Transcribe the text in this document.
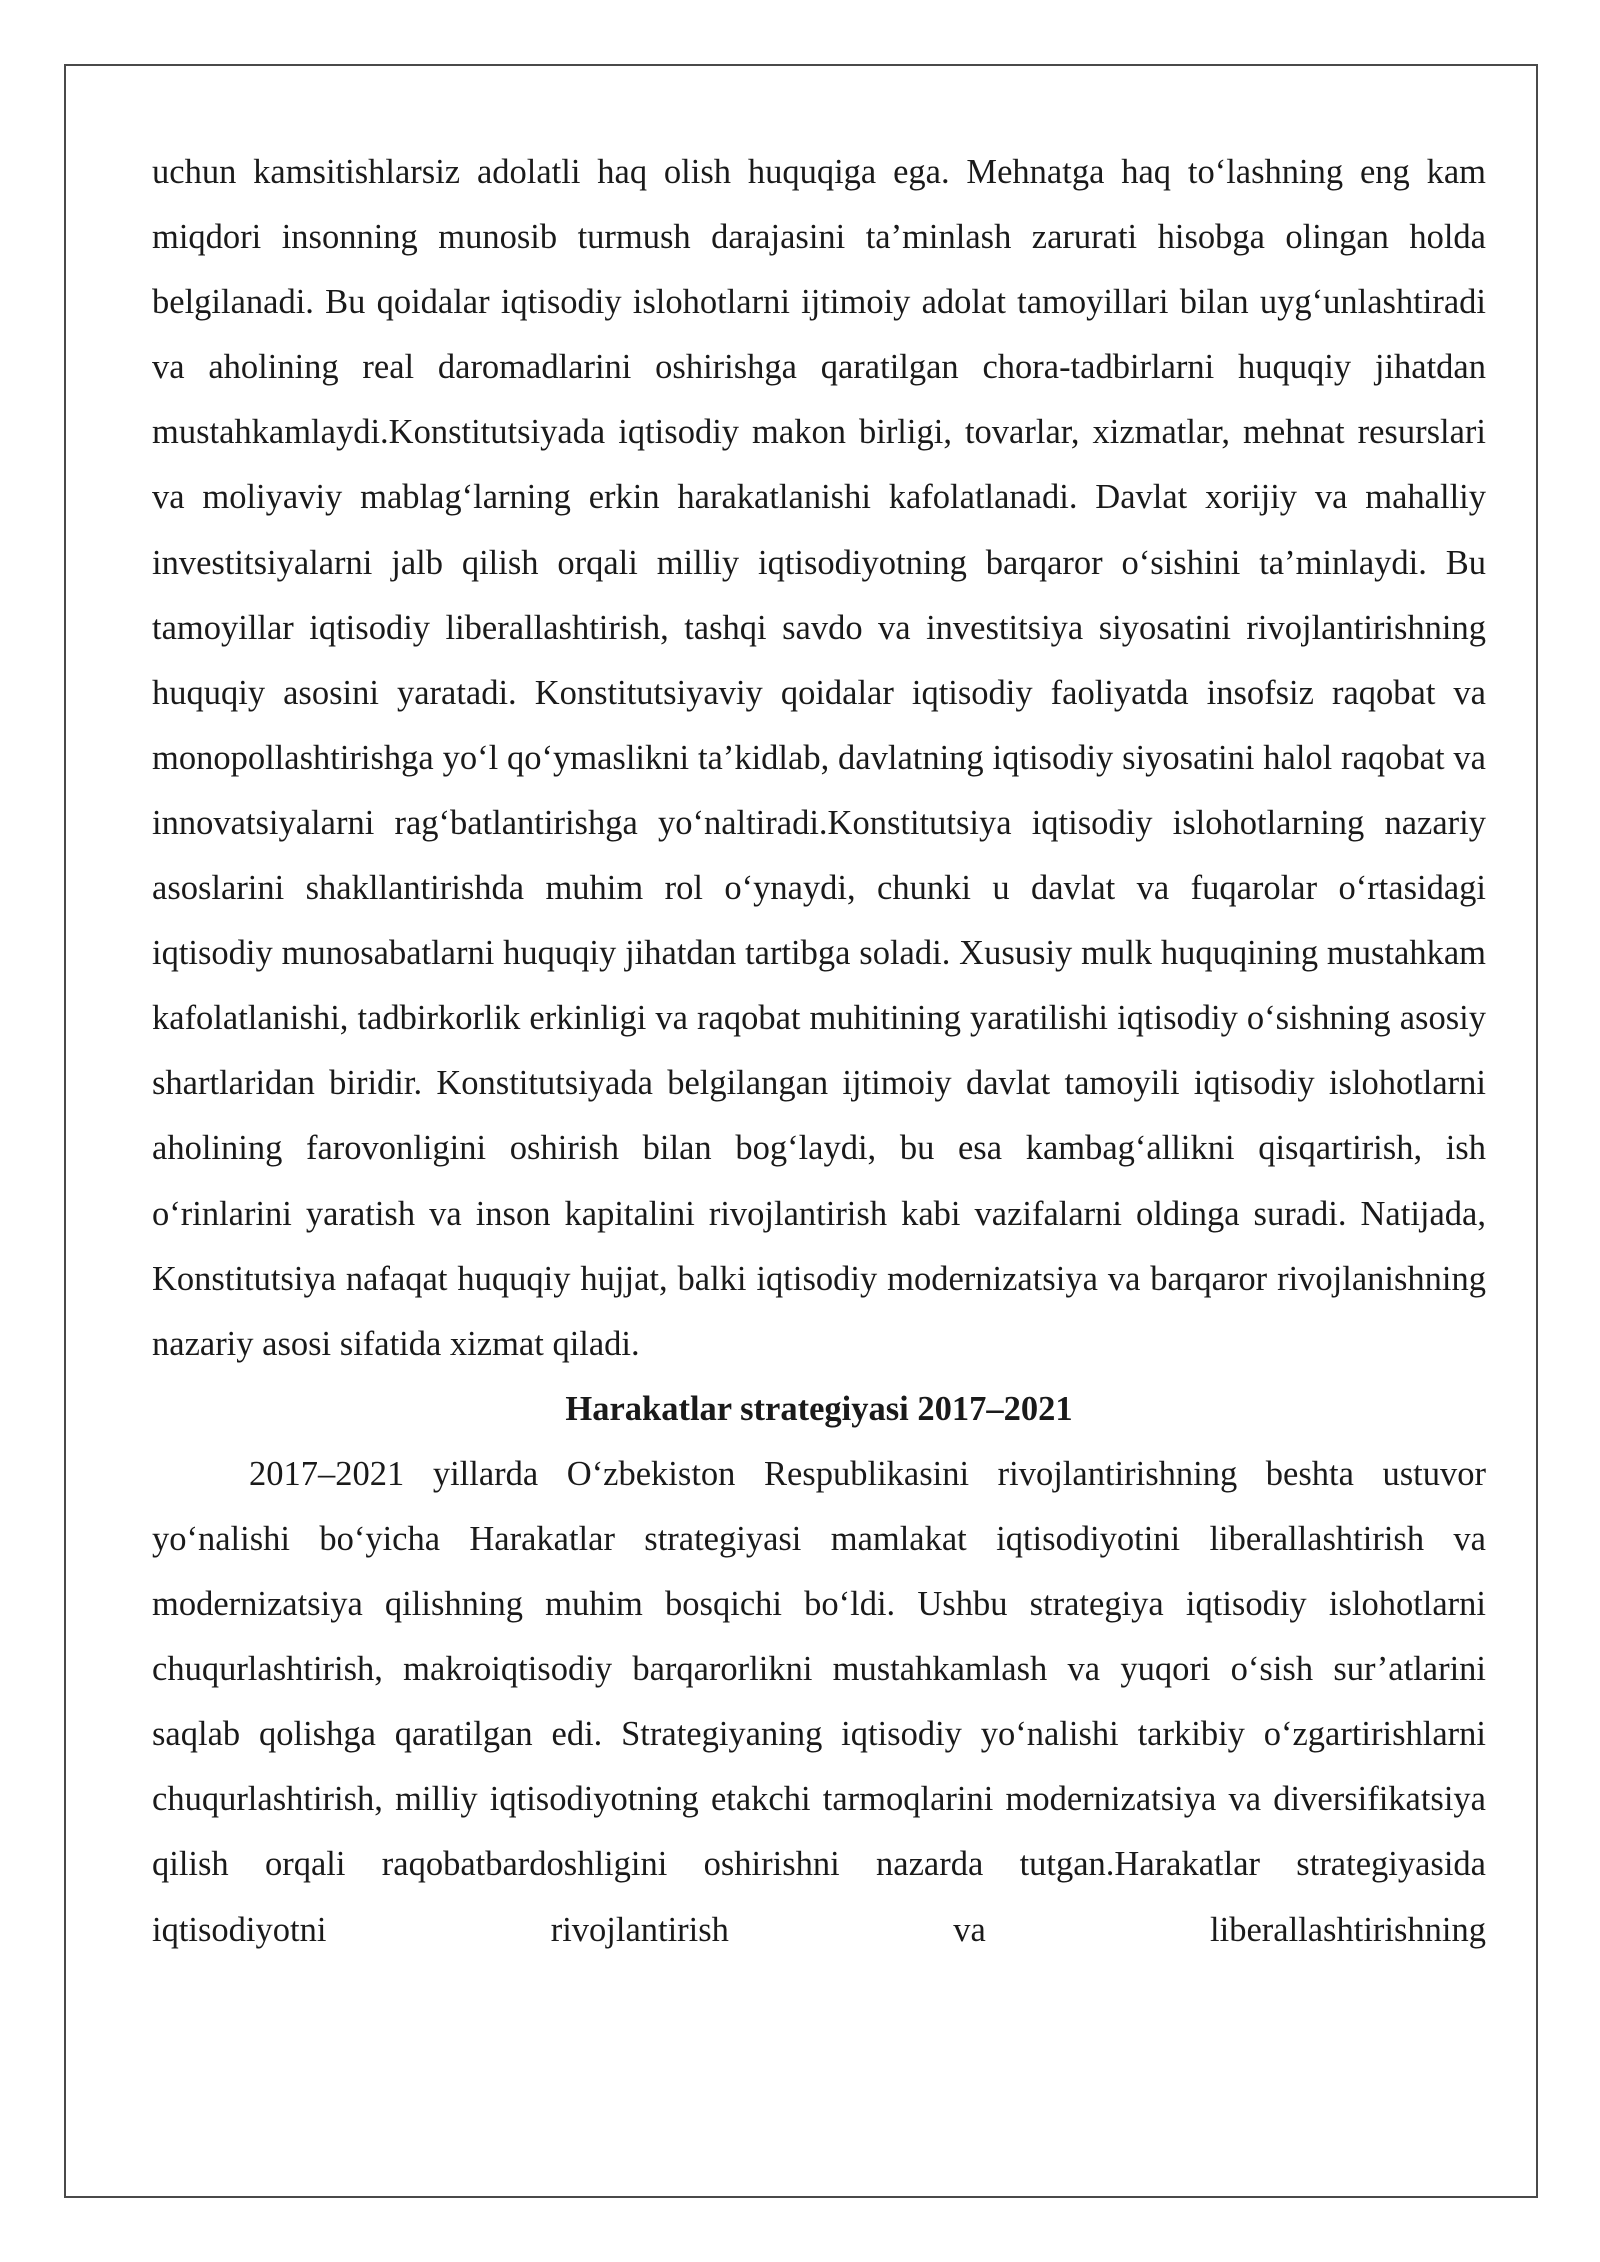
uchun kamsitishlarsiz adolatli haq olish huquqiga ega. Mehnatga haq to‘lashning eng kam miqdori insonning munosib turmush darajasini ta’minlash zarurati hisobga olingan holda belgilanadi. Bu qoidalar iqtisodiy islohotlarni ijtimoiy adolat tamoyillari bilan uyg‘unlashtiradi va aholining real daromadlarini oshirishga qaratilgan chora-tadbirlarni huquqiy jihatdan mustahkamlaydi.Konstitutsiyada iqtisodiy makon birligi, tovarlar, xizmatlar, mehnat resurslari va moliyaviy mablag‘larning erkin harakatlanishi kafolatlanadi. Davlat xorijiy va mahalliy investitsiyalarni jalb qilish orqali milliy iqtisodiyotning barqaror o‘sishini ta’minlaydi. Bu tamoyillar iqtisodiy liberallashtirish, tashqi savdo va investitsiya siyosatini rivojlantirishning huquqiy asosini yaratadi. Konstitutsiyaviy qoidalar iqtisodiy faoliyatda insofsiz raqobat va monopollashtirishga yo‘l qo‘ymaslikni ta’kidlab, davlatning iqtisodiy siyosatini halol raqobat va innovatsiyalarni rag‘batlantirishga yo‘naltiradi.Konstitutsiya iqtisodiy islohotlarning nazariy asoslarini shakllantirishda muhim rol o‘ynaydi, chunki u davlat va fuqarolar o‘rtasidagi iqtisodiy munosabatlarni huquqiy jihatdan tartibga soladi. Xususiy mulk huquqining mustahkam kafolatlanishi, tadbirkorlik erkinligi va raqobat muhitining yaratilishi iqtisodiy o‘sishning asosiy shartlaridan biridir. Konstitutsiyada belgilangan ijtimoiy davlat tamoyili iqtisodiy islohotlarni aholining farovonligini oshirish bilan bog‘laydi, bu esa kambag‘allikni qisqartirish, ish o‘rinlarini yaratish va inson kapitalini rivojlantirish kabi vazifalarni oldinga suradi. Natijada, Konstitutsiya nafaqat huquqiy hujjat, balki iqtisodiy modernizatsiya va barqaror rivojlanishning nazariy asosi sifatida xizmat qiladi.

Harakatlar strategiyasi 2017–2021

2017–2021 yillarda O‘zbekiston Respublikasini rivojlantirishning beshta ustuvor yo‘nalishi bo‘yicha Harakatlar strategiyasi mamlakat iqtisodiyotini liberallashtirish va modernizatsiya qilishning muhim bosqichi bo‘ldi. Ushbu strategiya iqtisodiy islohotlarni chuqurlashtirish, makroiqtisodiy barqarorlikni mustahkamlash va yuqori o‘sish sur’atlarini saqlab qolishga qaratilgan edi. Strategiyaning iqtisodiy yo‘nalishi tarkibiy o‘zgartirishlarni chuqurlashtirish, milliy iqtisodiyotning etakchi tarmoqlarini modernizatsiya va diversifikatsiya qilish orqali raqobatbardoshligini oshirishni nazarda tutgan.Harakatlar strategiyasida iqtisodiyotni rivojlantirish va liberallashtirishning
